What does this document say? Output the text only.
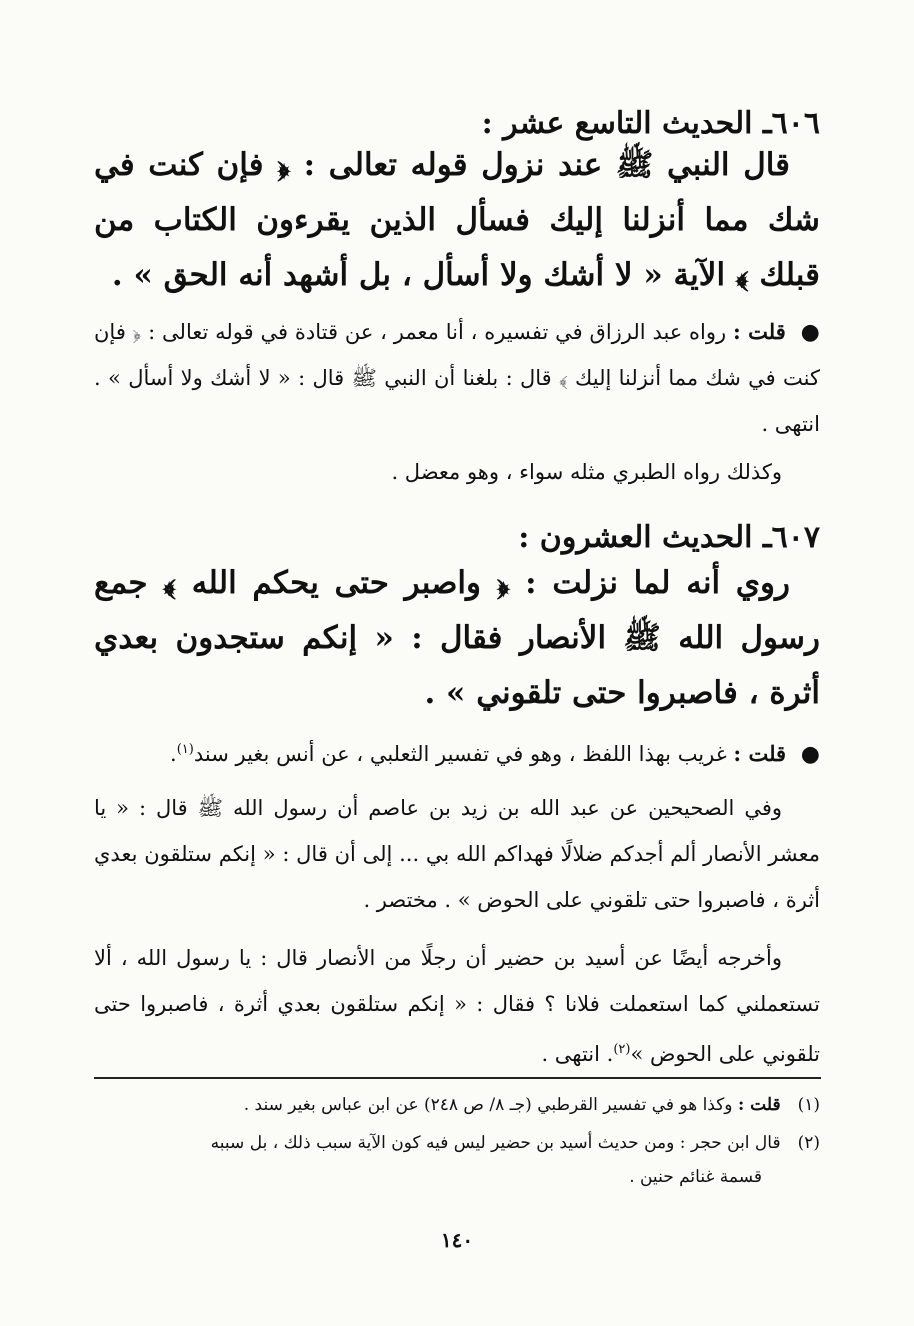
٦٠٦ـ الحديث التاسع عشر :
قال النبي ﷺ عند نزول قوله تعالى : ﴿ فإن كنت في شك مما أنزلنا إليك فسأل الذين يقرءون الكتاب من قبلك ﴾ الآية « لا أشك ولا أسأل ، بل أشهد أنه الحق » .
● قلت : رواه عبد الرزاق في تفسيره ، أنا معمر ، عن قتادة في قوله تعالى : ﴿ فإن كنت في شك مما أنزلنا إليك ﴾ قال : بلغنا أن النبي ﷺ قال : « لا أشك ولا أسأل » . انتهى .
وكذلك رواه الطبري مثله سواء ، وهو معضل .
٦٠٧ـ الحديث العشرون :
روي أنه لما نزلت : ﴿ واصبر حتى يحكم الله ﴾ جمع رسول الله ﷺ الأنصار فقال : « إنكم ستجدون بعدي أثرة ، فاصبروا حتى تلقوني » .
● قلت : غريب بهذا اللفظ ، وهو في تفسير الثعلبي ، عن أنس بغير سند$^{(١)}$.
وفي الصحيحين عن عبد الله بن زيد بن عاصم أن رسول الله ﷺ قال : « يا معشر الأنصار ألم أجدكم ضلالًا فهداكم الله بي ... إلى أن قال : « إنكم ستلقون بعدي أثرة ، فاصبروا حتى تلقوني على الحوض » . مختصر .
وأخرجه أيضًا عن أسيد بن حضير أن رجلًا من الأنصار قال : يا رسول الله ، ألا تستعملني كما استعملت فلانا ؟ فقال : « إنكم ستلقون بعدي أثرة ، فاصبروا حتى تلقوني على الحوض »$^{(٢)}$. انتهى .
(١) قلت : وكذا هو في تفسير القرطبي (جـ ٨/ ص ٢٤٨) عن ابن عباس بغير سند .
(٢) قال ابن حجر : ومن حديث أسيد بن حضير ليس فيه كون الآية سبب ذلك ، بل سببه
قسمة غنائم حنين .
١٤٠
